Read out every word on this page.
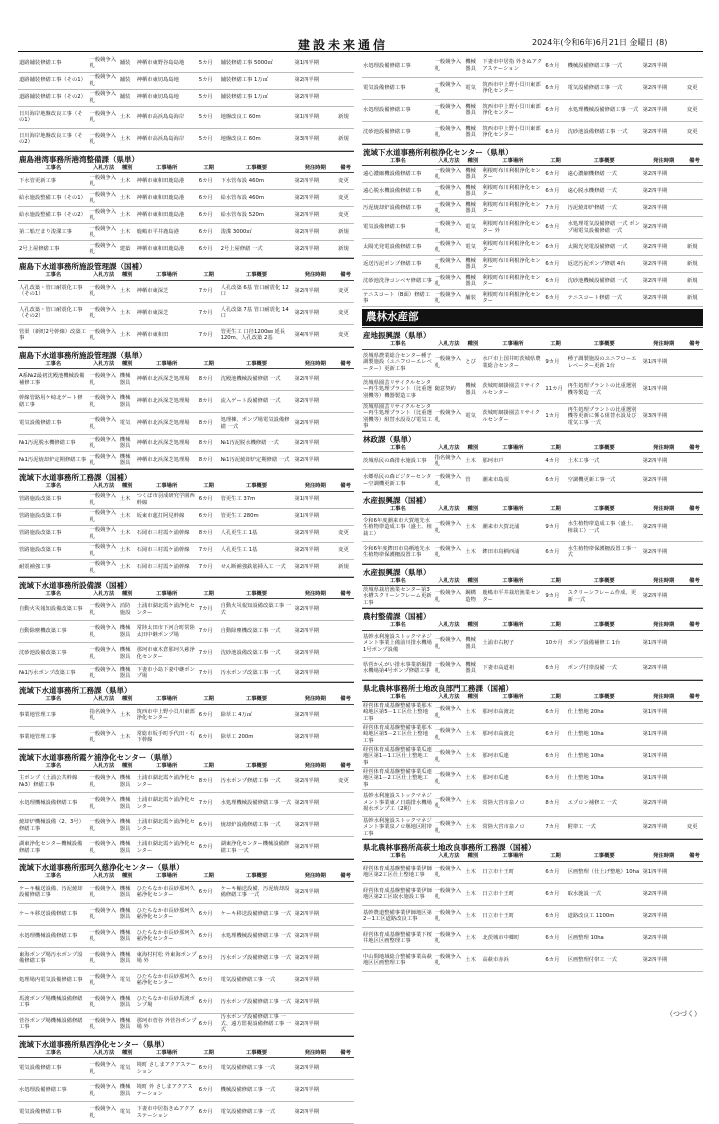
建設未来通信	2024年(令和6年)6月21日 金曜日 (8)
道路舗装修繕工事	一般競争入札	舗装	神栖市東野谷島島地	5カ月	舗装修繕工事 5000㎡	第1四半期	
道路舗装修繕工事（その1）	一般競争入札	舗装	神栖市東切島島地	5カ月	舗装修繕工事 1万㎡	第2四半期	
道路舗装修繕工事（その2）	一般競争入札	舗装	神栖市東切島島地	5カ月	舗装修繕工事 1万㎡	第2四半期	
日川海岸地盤改良工事（その1）	一般競争入札	土木	神栖市高浜島島海岸	5カ月	地盤改良工 60m	第1四半期	新規
日川海岸地盤改良工事（その2）	一般競争入札	土木	神栖市高浜島島海岸	5カ月	地盤改良工 60m	第3四半期	新規
鹿島港湾事務所港湾整備課（県単）
工事名	入札方法	種別	工事場所	工期	工事概要	発注時期	備考
下水管更新工事	一般競争入札	土木	神栖市東和田鹿島港	6カ月	下水管布設 460m	第2四半期	変更
給水施設整備工事（その1）	一般競争入札	土木	神栖市東和田鹿島港	6カ月	給水管布設 460m	第2四半期	変更
給水施設整備工事（その2）	一般競争入札	土木	神栖市東和田鹿島港	6カ月	給水管布設 520m	第2四半期	変更
第二船だまり浚渫工事	一般競争入札	土木	鹿嶋市平井鹿島港	6カ月	浚渫 3000㎥	第2四半期	新規
2号上屋修繕工事	一般競争入札	建築	神栖市東和田鹿島港	6カ月	2号上屋修繕 一式	第2四半期	新規
鹿島下水道事務所施設管理課（国補）
工事名	入札方法	種別	工事場所	工期	工事概要	発注時期	備考
人孔改築・管口耐震化工事（その1）	一般競争入札	土木	神栖市東深芝	7カ月	人孔改築 6基 管口耐震化 12口	第2四半期	変更
人孔改築・管口耐震化工事（その2）	一般競争入札	土木	神栖市東深芝	7カ月	人孔改築 7基 管口耐震化 14口	第2四半期	変更
管渠（新町2号幹線）改築工事	一般競争入札	土木	神栖市東和田	7カ月	管更生工 口径1200㎜ 延長120m、人孔改築 2基	第4四半期	変更
鹿島下水道事務所施設管理課（県単）
工事名	入札方法	種別	工事場所	工期	工事概要	発注時期	備考
A系№2最初沈殿池機械設備補修工事	一般競争入札	機械器具	神栖市北浜深芝処理場	8カ月	沈殿池機械設備修繕 一式	第2四半期	
幹線管路用ケ崎北ゲート修繕工事	一般競争入札	機械器具	神栖市北浜深芝処理場	8カ月	流入ゲート設備修繕 一式	第2四半期	
電気設備修繕工事	一般競争入札	電気	神栖市北浜深芝処理場	8カ月	処理棟、ポンプ場電気設備修繕 一式	第2四半期	
№1汚泥脱水機修繕工事	一般競争入札	機械器具	神栖市北浜深芝処理場	8カ月	№1汚泥脱水機修繕 一式	第2四半期	
№1汚泥焼却炉定期修繕工事	一般競争入札	機械器具	神栖市北浜深芝処理場	8カ月	№1汚泥焼却炉定期修繕 一式	第2四半期	
流域下水道事務所工務課（国補）
工事名	入札方法	種別	工事場所	工期	工事概要	発注時期	備考
管路施設改築工事	一般競争入札	土木	つくば市羽成研究学園西幹線	6カ月	管更生工 37m	第1四半期	
管路施設改築工事	一般競争入札	土木	坂東市莚打阿見幹線	6カ月	管更生工 280m	第1四半期	
管路施設改築工事	一般競争入札	土木	石岡市三村霞ケ浦幹線	8カ月	人孔更生工 1基	第2四半期	変更
管路施設改築工事	一般競争入札	土木	石岡市三村霞ケ浦幹線	7カ月	人孔更生工 1基	第2四半期	変更
耐震補強工事	一般競争入札	土木	石岡市三村霞ケ浦幹線	7カ月	せん断補強鉄筋挿入工 一式	第2四半期	新規
流域下水道事務所設備課（国補）
工事名	入札方法	種別	工事場所	工期	工事概要	発注時期	備考
自動火災報知設備改築工事	一般競争入札	消防施設	土浦市湖北霞ケ浦浄化センター	7カ月	自動火災報知設備改築工事 一式	第2四半期	
自動除塵機改築工事	一般競争入札	機械器具	常陸太田市下河合町常陸太田中継ポンプ場	7カ月	自動除塵機改築工事 一式	第2四半期	
沈砂池設備改築工事	一般競争入札	機械器具	那珂市東木倉那珂久慈浄化センター	7カ月	沈砂池設備改築工事 一式	第2四半期	
№1汚水ポンプ改築工事	一般競争入札	機械器具	下妻市小島下妻中継ポンプ場	7カ月	汚水ポンプ改築工事 一式	第2四半期	
流域下水道事務所工務課（県単）
工事名	入札方法	種別	工事場所	工期	工事概要	発注時期	備考
事業地管理工事	指名競争入札	土木	筑西市中上野小貝川東部浄化センター	6カ月	除草工 4万㎡	第2四半期	
事業地管理工事	一般競争入札	土木	常総市坂手町手代田・石下幹線	6カ月	除草工 200m	第2四半期	
流域下水道事務所霞ケ浦浄化センター（県単）
工事名	入札方法	種別	工事場所	工期	工事概要	発注時期	備考
主ポンプ（土浦公共幹線№3）修繕工事	一般競争入札	機械器具	土浦市湖北霞ケ浦浄化センター	8カ月	汚水ポンプ修繕工事 一式	第2四半期	変更
水処理機械設備修繕工事	一般競争入札	機械器具	土浦市湖北霞ケ浦浄化センター	7カ月	水処理機械設備修繕工事 一式	第2四半期	
焼却炉機械設備（2、3号）修繕工事	一般競争入札	機械器具	土浦市湖北霞ケ浦浄化センター	6カ月	焼却炉設備修繕工事 一式	第2四半期	
湖東浄化センター機械設備修繕工事	一般競争入札	機械器具	土浦市湖北霞ケ浦浄化センター	6カ月	湖東浄化センター機械設備修繕工事 一式	第2四半期	
流域下水道事務所那珂久慈浄化センター（県単）
工事名	入札方法	種別	工事場所	工期	工事概要	発注時期	備考
ケーキ輸送設備、汚泥焼却設備修繕工事	一般競争入札	機械器具	ひたちなか市長砂那珂久慈浄化センター	6カ月	ケーキ輸送設備、汚泥焼却設備修繕工事 一式	第2四半期	
ケーキ移送設備修繕工事	一般競争入札	機械器具	ひたちなか市長砂那珂久慈浄化センター	6カ月	ケーキ移送設備修繕工事 一式	第2四半期	
水処理機械設備修繕工事	一般競争入札	機械器具	ひたちなか市長砂那珂久慈浄化センター	6カ月	水処理機械設備修繕工事 一式	第2四半期	
東海ポンプ場汚水ポンプ設備修繕工事	一般競争入札	機械器具	東海村村松 外東海ポンプ場 外	6カ月	汚水ポンプ設備修繕工事 一式	第2四半期	
処理場内電気設備修繕工事	一般競争入札	電気	ひたちなか市長砂那珂久慈浄化センター	6カ月	電気設備修繕工事 一式	第2四半期	
馬渡ポンプ場機械設備修繕工事	一般競争入札	機械器具	ひたちなか市長砂馬渡ポンプ場	6カ月	汚水ポンプ設備修繕工事 一式	第2四半期	
菅谷ポンプ場機械設備修繕工事	一般競争入札	機械器具	那珂市菅谷 外菅谷ポンプ場 外	6カ月	汚水ポンプ設備修繕工事 一式、遠方監視設備修繕工事 一式	第2四半期	
流域下水道事務所県西浄化センター（県単）
工事名	入札方法	種別	工事場所	工期	工事概要	発注時期	備考
電気設備修繕工事	一般競争入札	電気	境町 さしまアクアステーション	6カ月	電気設備修繕工事 一式	第2四半期	
水処理設備修繕工事	一般競争入札	機械器具	境町 外 さしまアクアステーション	6カ月	機械設備修繕工事 一式	第2四半期	
電気設備修繕工事	一般競争入札	電気	下妻市中居指きぬアクアステーション	6カ月	電気設備修繕工事 一式	第2四半期	
水処理設備修繕工事	一般競争入札	機械器具	下妻市中居指 外きぬアクアステーション	6カ月	機械設備修繕工事 一式	第2四半期	
電気設備修繕工事	一般競争入札	電気	筑西市中上野小貝川東部浄化センター	6カ月	電気設備修繕工事 一式	第2四半期	変更
水処理設備修繕工事	一般競争入札	機械器具	筑西市中上野小貝川東部浄化センター	6カ月	水処理機械設備修繕工事 一式	第2四半期	変更
沈砂池設備修繕工事	一般競争入札	機械器具	筑西市中上野小貝川東部浄化センター	6カ月	沈砂池設備修繕工事 一式	第2四半期	変更
流域下水道事務所利根浄化センター（県単）
工事名	入札方法	種別	工事場所	工期	工事概要	発注時期	備考
遠心濃縮機設備修繕工事	一般競争入札	機械器具	利根町布川利根浄化センター	6カ月	遠心濃縮機修繕 一式	第2四半期	
遠心脱水機設備修繕工事	一般競争入札	機械器具	利根町布川利根浄化センター	6カ月	遠心脱水機修繕 一式	第2四半期	
汚泥焼却炉設備修繕工事	一般競争入札	機械器具	利根町布川利根浄化センター	7カ月	汚泥焼却炉修繕 一式	第2四半期	
電気設備修繕工事	一般競争入札	電気	利根町布川利根浄化センター 外	6カ月	水処理電気設備修繕 一式 ポンプ場電気設備修繕 一式	第2四半期	
太陽光発電設備修繕工事	一般競争入札	電気	利根町布川利根浄化センター	6カ月	太陽光発電設備修繕 一式	第2四半期	新規
返送汚泥ポンプ修繕工事	一般競争入札	機械器具	利根町布川利根浄化センター	6カ月	返送汚泥ポンプ修繕 4台	第2四半期	新規
沈砂池洗浄コンベヤ修繕工事	一般競争入札	機械器具	利根町布川利根浄化センター	6カ月	沈砂池機械設備修繕 一式	第2四半期	新規
テニスコート（B面）修繕工事	一般競争入札	舗装	利根町布川利根浄化センター	6カ月	テニスコート修繕 一式	第2四半期	新規
農林水産部
産地振興課（県単）
工事名	入札方法	種別	工事場所	工期	工事概要	発注時期	備考
茨城県農業総合センター種子調製施設（ユニフローエレベーター）更新工事	一般競争入札	とび	水戸市上国井町茨城県農業総合センター	9カ月	種子調製施設のユニフローエレベーター更新 1台	第1四半期	
茨城県園芸リサイクルセンター再生処理プラント（比重選別機等）機器製造工事	随意契約	機械器具	茨城町網掛園芸リサイクルセンター	11カ月	再生処理プラントの比重選別機等製造 一式	第1四半期	
茨城県園芸リサイクルセンター再生処理プラント（比重選別機等）組替水設及び電気工事	一般競争入札	電気	茨城町網掛園芸リサイクルセンター	1カ月	再生処理プラントの比重選別機等更新に係る組替水設及び電気工事 一式	第3四半期	
林政課（県単）
工事名	入札方法	種別	工事場所	工期	工事概要	発注時期	備考
茨城県民の森排水施設工事	指名競争入札	土木	那珂市戸	4カ月	土木工事一式	第2四半期	
水郷県民の森ビジターセンター空調機更新工事	一般競争入札	管	潮来市島須	6カ月	空調機更新工事一式	第2四半期	
水産振興課（国補）
工事名	入札方法	種別	工事場所	工期	工事概要	発注時期	備考
令和6年度潮来市大賀地先水生植物帯造成工事（盛土、植栽工）	一般競争入札	土木	潮来市大賀北浦	9カ月	水生植物帯造成工事（盛土、植栽工）一式	第2四半期	
令和6年度鉾田市鳥栖地先水生植物帯保護柵設置工事	一般競争入札	土木	鉾田市鳥栖西浦	6カ月	水生植物帯保護柵設置工事一式	第2四半期	
水産振興課（県単）
工事名	入札方法	種別	工事場所	工期	工事概要	発注時期	備考
茨城県栽培漁業センター第3水槽スクリーンフレーム更新工事	一般競争入札	鋼構造物	鹿嶋市平井栽培漁業センター	9カ月	スクリーンフレーム作成、更新 一式	第2四半期	
農村整備課（国補）
工事名	入札方法	種別	工事場所	工期	工事概要	発注時期	備考
基幹水利施設ストックマネジメント事業上備前川排水機場1号ポンプ設備	一般競争入札	機械器具	土浦市右籾子	10カ月	ポンプ設備補修工 1台	第1四半期	
県営かんがい排水事業新堀排水機場第4号ポンプ修繕工事	一般競争入札	機械器具	下妻市高道祖	6カ月	ポンプ付帯設備 一式	第2四半期	
県北農林事務所土地改良部門工務課（国補）
工事名	入札方法	種別	工事場所	工期	工事概要	発注時期	備考
経営体育成基盤整備事業那木崎地区第5－1工区仕上整地工事	一般競争入札	土木	那珂市高渡北	6カ月	仕上整地 20ha	第1四半期	
経営体育成基盤整備事業那木崎地区第5－2工区仕上整地工事	一般競争入札	土木	那珂市高渡北	6カ月	仕上整地 10ha	第1四半期	
経営体育成基盤整備事業瓜連地区第1－1工区仕上整地工事	一般競争入札	土木	那珂市瓜連	6カ月	仕上整地 10ha	第1四半期	
経営体育成基盤整備事業瓜連地区第1－2工区仕上整地工事	一般競争入札	土木	那珂市瓜連	6カ月	仕上整地 10ha	第1四半期	
基幹水利施設ストックマネジメント事業東ノ日端排水機場揚水ポンプ工（2期）	一般競争入札	土木	常陸大宮市泉ノロ	8カ月	エプロン補修工 一式	第2四半期	
基幹水利施設ストックマネジメント事業泉ノロ堰地区附帯工事	一般競争入札	土木	常陸大宮市泉ノロ	7カ月	附帯工 一式	第2四半期	変更
県北農林事務所高萩土地改良事務所工務課（国補）
工事名	入札方法	種別	工事場所	工期	工事概要	発注時期	備考
経営体育成基盤整備事業伊師地区第2工区仕上整地工事	一般競争入札	土木	日立市十王町	6カ月	区画整理（仕上げ整地）10ha	第1四半期	
経営体育成基盤整備事業伊師地区第2工区取水施設工事	一般競争入札	土木	日立市十王町	6カ月	取水施設 一式	第2四半期	
基幹農道整備事業伊師地区第2－1工区道路改良工事	一般競争入札	土木	日立市十王町	6カ月	道路改良工 1100m	第2四半期	
経営体育成基盤整備事業下桜井地区区画整理工事	一般競争入札	土木	北茨城市中郷町	6カ月	区画整理 10ha	第2四半期	
中山間地域総合整備事業高萩地区区画整理工事	一般競争入札	土木	高萩市赤浜	6カ月	区画整理付帯工 一式	第2四半期	
（つづく）
